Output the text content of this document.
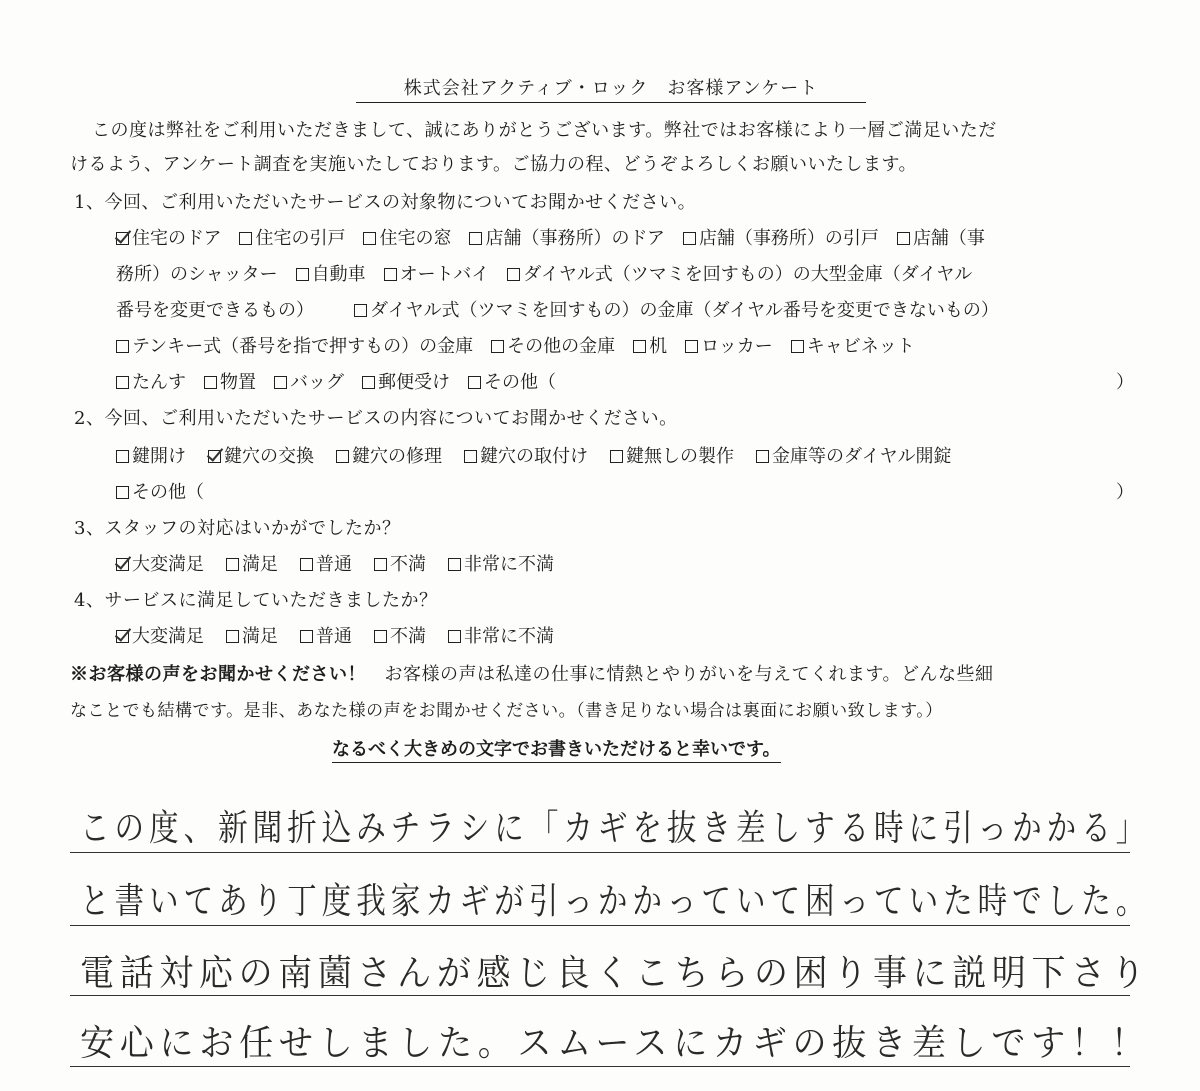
株式会社アクティブ・ロック　お客様アンケート
この度は弊社をご利用いただきまして、誠にありがとうございます。弊社ではお客様により一層ご満足いただ
けるよう、アンケート調査を実施いたしております。ご協力の程、どうぞよろしくお願いいたします。
1、今回、ご利用いただいたサービスの対象物についてお聞かせください。
住宅のドア 住宅の引戸 住宅の窓 店舗（事務所）のドア 店舗（事務所）の引戸 店舗（事
務所）のシャッター 自動車 オートバイ ダイヤル式（ツマミを回すもの）の大型金庫（ダイヤル
番号を変更できるもの）	ダイヤル式（ツマミを回すもの）の金庫（ダイヤル番号を変更できないもの）
テンキー式（番号を指で押すもの）の金庫 その他の金庫 机 ロッカー キャビネット
たんす 物置 バッグ 郵便受け その他（	）
2、今回、ご利用いただいたサービスの内容についてお聞かせください。
鍵開け 鍵穴の交換 鍵穴の修理 鍵穴の取付け 鍵無しの製作 金庫等のダイヤル開錠
その他（	）
3、スタッフの対応はいかがでしたか？
大変満足 満足 普通 不満 非常に不満
4、サービスに満足していただきましたか？
大変満足 満足 普通 不満 非常に不満
※お客様の声をお聞かせください！　お客様の声は私達の仕事に情熱とやりがいを与えてくれます。どんな些細
なことでも結構です。是非、あなた様の声をお聞かせください。（書き足りない場合は裏面にお願い致します。）
なるべく大きめの文字でお書きいただけると幸いです。
この度、新聞折込みチラシに「カギを抜き差しする時に引っかかる」
と書いてあり丁度我家カギが引っかかっていて困っていた時でした。
電話対応の南薗さんが感じ良くこちらの困り事に説明下さり
安心にお任せしました。スムースにカギの抜き差しです！！
